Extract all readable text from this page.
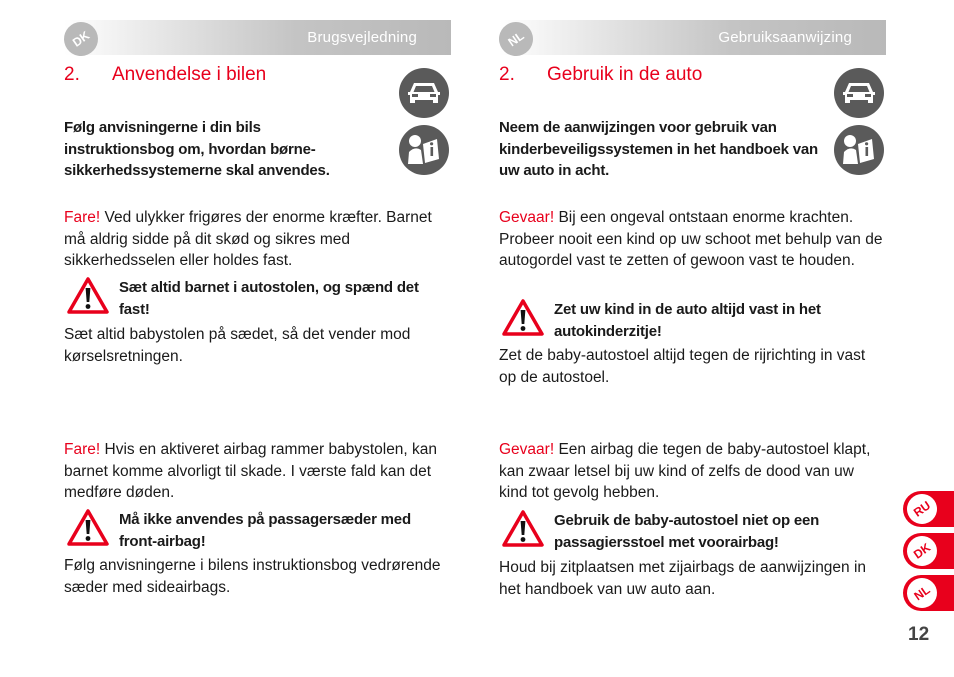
DK	Brugsvejledning
2. Anvendelse i bilen
Følg anvisningerne i din bils instruktionsbog om, hvordan børne-sikkerhedssystemerne skal anvendes.
Fare! Ved ulykker frigøres der enorme kræfter. Barnet må aldrig sidde på dit skød og sikres med sikkerhedsselen eller holdes fast.
Sæt altid barnet i autostolen, og spænd det fast!
Sæt altid babystolen på sædet, så det vender mod kørselsretningen.
Fare! Hvis en aktiveret airbag rammer babystolen, kan barnet komme alvorligt til skade. I værste fald kan det medføre døden.
Må ikke anvendes på passagersæder med front-airbag!
Følg anvisningerne i bilens instruktionsbog vedrørende sæder med sideairbags.
NL	Gebruiksaanwijzing
2. Gebruik in de auto
Neem de aanwijzingen voor gebruik van kinderbeveiligssystemen in het handboek van uw auto in acht.
Gevaar! Bij een ongeval ontstaan enorme krachten. Probeer nooit een kind op uw schoot met behulp van de autogordel vast te zetten of gewoon vast te houden.
Zet uw kind in de auto altijd vast in het autokinderzitje!
Zet de baby-autostoel altijd tegen de rijrichting in vast op de autostoel.
Gevaar! Een airbag die tegen de baby-autostoel klapt, kan zwaar letsel bij uw kind of zelfs de dood van uw kind tot gevolg hebben.
Gebruik de baby-autostoel niet op een passagiersstoel met voorairbag!
Houd bij zitplaatsen met zijairbags de aanwijzingen in het handboek van uw auto aan.
RU
DK
NL
12
